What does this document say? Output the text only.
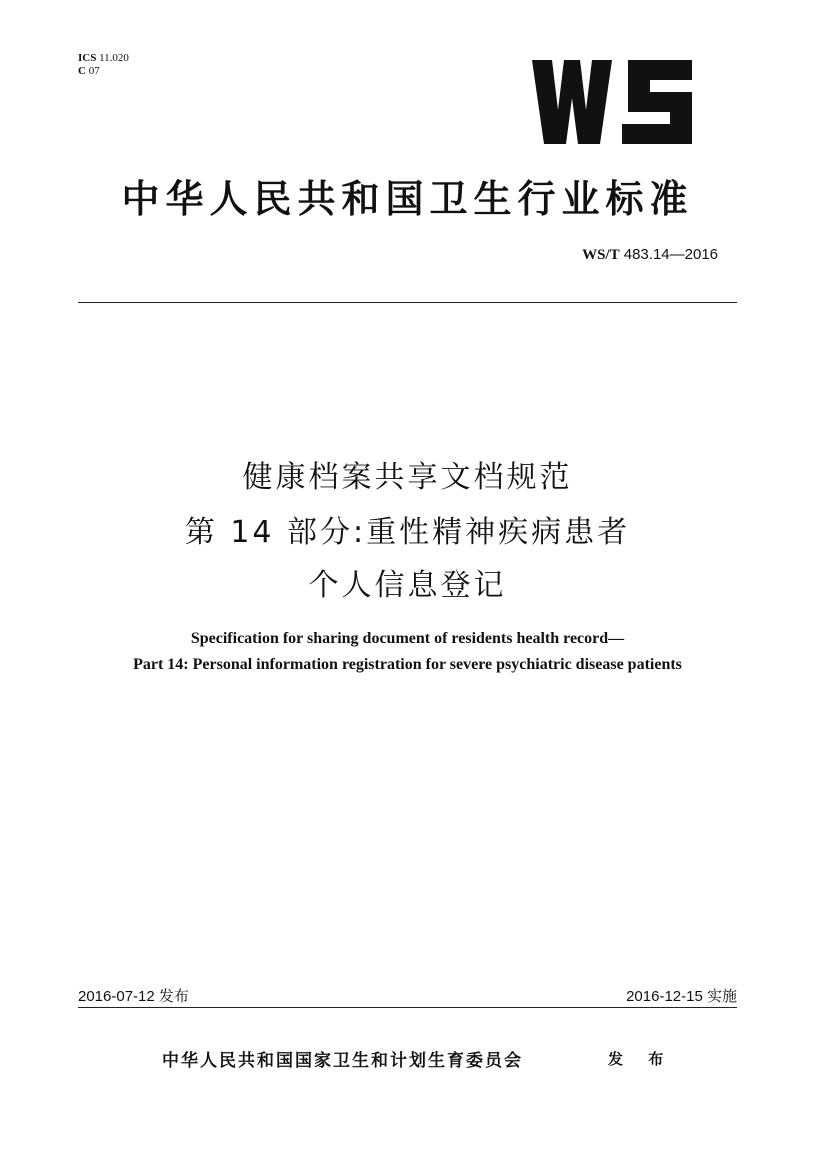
ICS 11.020
C 07
中华人民共和国卫生行业标准
WS/T 483.14—2016
健康档案共享文档规范
第 14 部分:重性精神疾病患者
个人信息登记
Specification for sharing document of residents health record—
Part 14: Personal information registration for severe psychiatric disease patients
2016-07-12 发布	2016-12-15 实施
中华人民共和国国家卫生和计划生育委员会	发 布
